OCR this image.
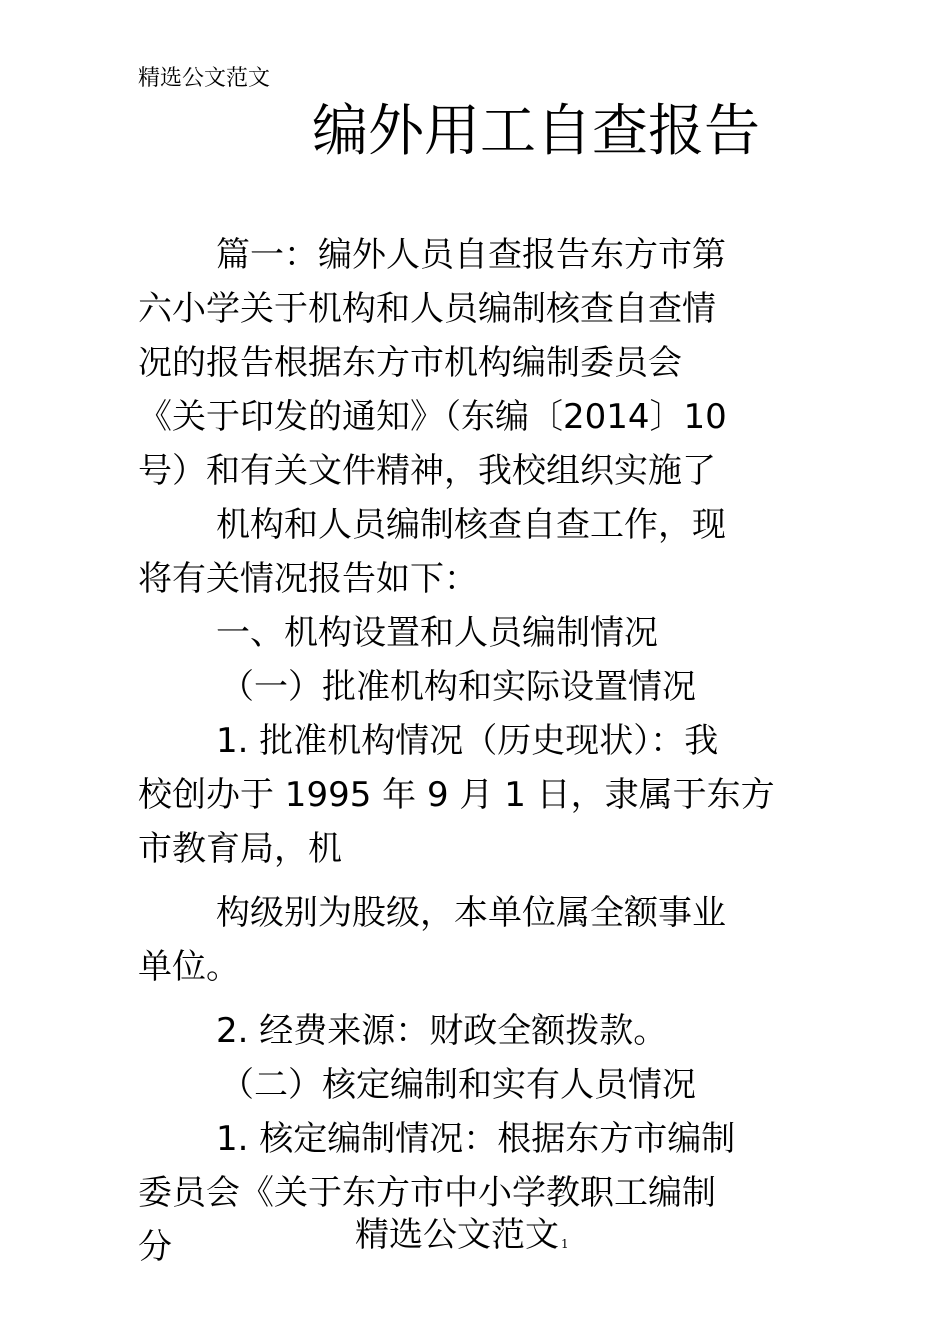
精选公文范文
编外用工自查报告
篇一：编外人员自查报告东方市第
六小学关于机构和人员编制核查自查情
况的报告根据东方市机构编制委员会
《关于印发的通知》（东编〔2014〕10
号）和有关文件精神，我校组织实施了
机构和人员编制核查自查工作，现
将有关情况报告如下：
一、机构设置和人员编制情况
（一）批准机构和实际设置情况
1. 批准机构情况（历史现状）：我
校创办于 1995 年 9 月 1 日，隶属于东方
市教育局，机
构级别为股级，本单位属全额事业
单位。
2. 经费来源：财政全额拨款。
（二）核定编制和实有人员情况
1. 核定编制情况：根据东方市编制
委员会《关于东方市中小学教职工编制
分	精选公文范文 1
